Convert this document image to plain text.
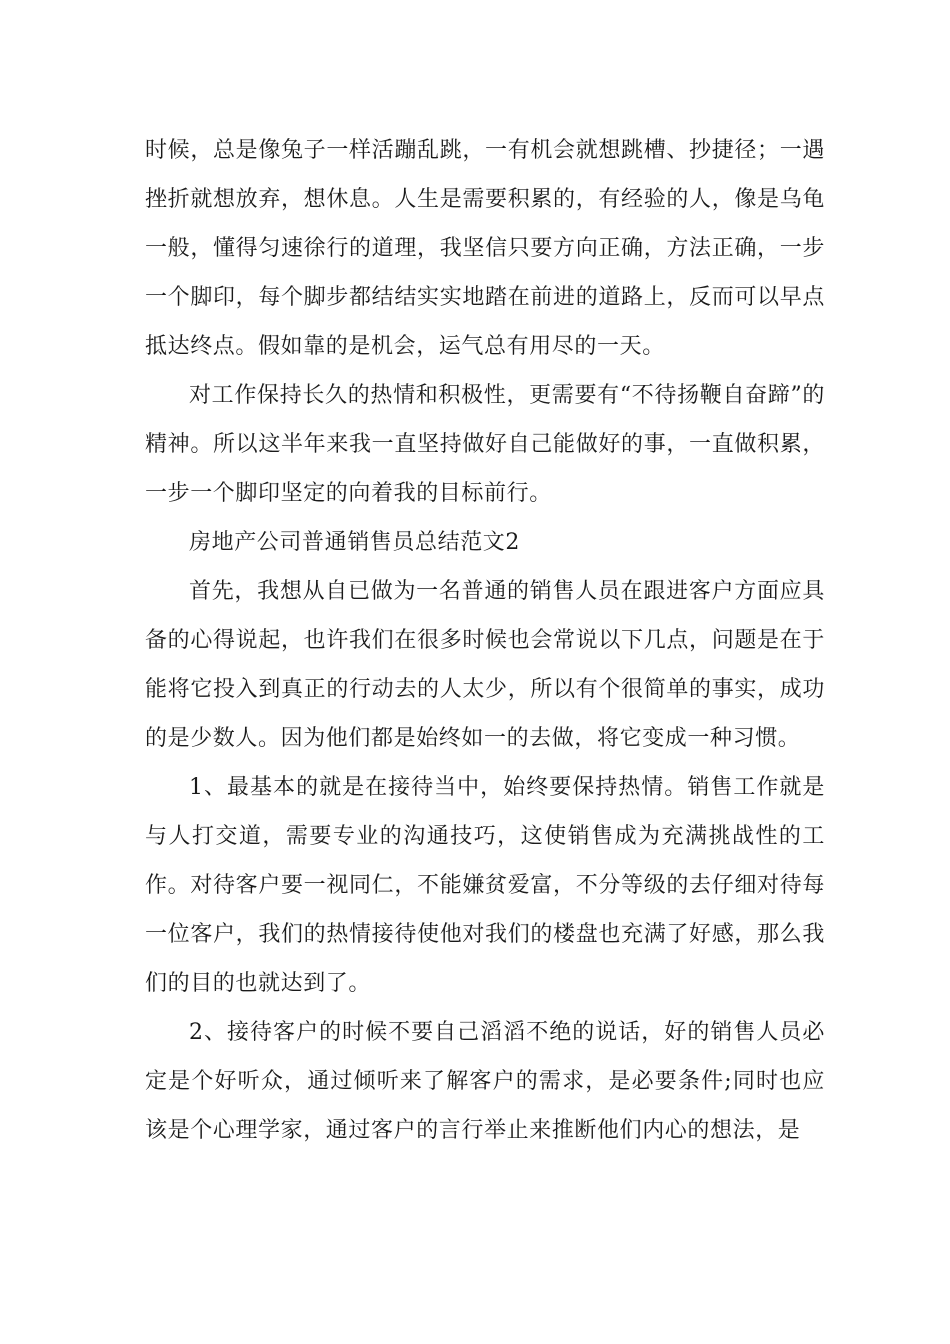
时候，总是像兔子一样活蹦乱跳，一有机会就想跳槽、抄捷径；一遇挫折就想放弃，想休息。人生是需要积累的，有经验的人，像是乌龟一般，懂得匀速徐行的道理，我坚信只要方向正确，方法正确，一步一个脚印，每个脚步都结结实实地踏在前进的道路上，反而可以早点抵达终点。假如靠的是机会，运气总有用尽的一天。

对工作保持长久的热情和积极性，更需要有“不待扬鞭自奋蹄”的精神。所以这半年来我一直坚持做好自己能做好的事，一直做积累，一步一个脚印坚定的向着我的目标前行。

房地产公司普通销售员总结范文2

首先，我想从自已做为一名普通的销售人员在跟进客户方面应具备的心得说起，也许我们在很多时候也会常说以下几点，问题是在于能将它投入到真正的行动去的人太少，所以有个很简单的事实，成功的是少数人。因为他们都是始终如一的去做，将它变成一种习惯。

1、最基本的就是在接待当中，始终要保持热情。销售工作就是与人打交道，需要专业的沟通技巧，这使销售成为充满挑战性的工作。对待客户要一视同仁，不能嫌贫爱富，不分等级的去仔细对待每一位客户，我们的热情接待使他对我们的楼盘也充满了好感，那么我们的目的也就达到了。

2、接待客户的时候不要自己滔滔不绝的说话，好的销售人员必定是个好听众，通过倾听来了解客户的需求，是必要条件;同时也应该是个心理学家，通过客户的言行举止来推断他们内心的想法，是
